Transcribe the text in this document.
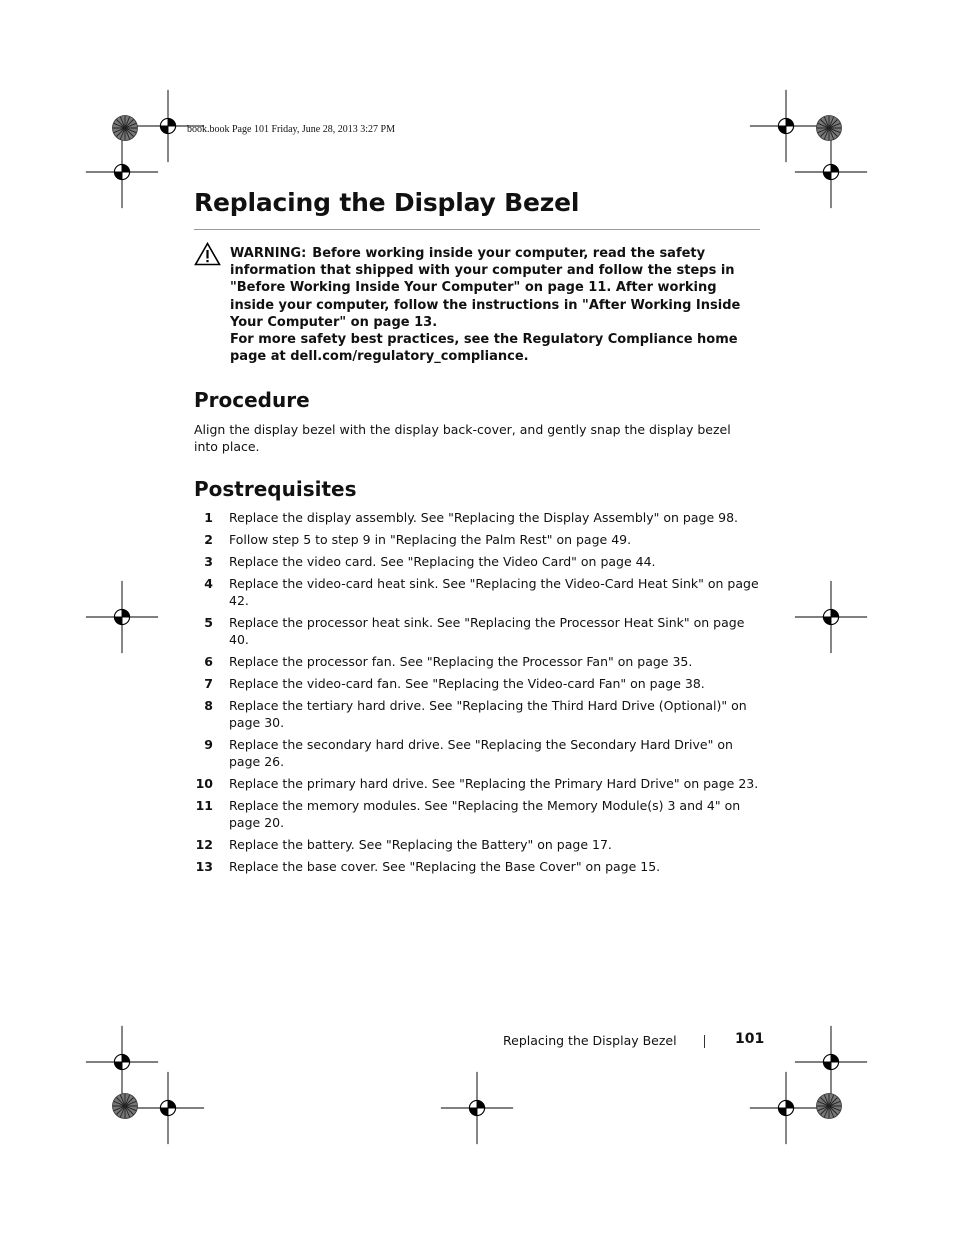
book.book Page 101 Friday, June 28, 2013 3:27 PM
Replacing the Display Bezel

WARNING: Before working inside your computer, read the safety information that shipped with your computer and follow the steps in "Before Working Inside Your Computer" on page 11. After working inside your computer, follow the instructions in "After Working Inside Your Computer" on page 13.

For more safety best practices, see the Regulatory Compliance home page at dell.com/regulatory_compliance.

Procedure
Align the display bezel with the display back-cover, and gently snap the display bezel into place.
Postrequisites
1 Replace the display assembly. See "Replacing the Display Assembly" on page 98.
2 Follow step 5 to step 9 in "Replacing the Palm Rest" on page 49.
3 Replace the video card. See "Replacing the Video Card" on page 44.
4 Replace the video-card heat sink. See "Replacing the Video-Card Heat Sink" on page 42.
5 Replace the processor heat sink. See "Replacing the Processor Heat Sink" on page 40.
6 Replace the processor fan. See "Replacing the Processor Fan" on page 35.
7 Replace the video-card fan. See "Replacing the Video-card Fan" on page 38.
8 Replace the tertiary hard drive. See "Replacing the Third Hard Drive (Optional)" on page 30.
9 Replace the secondary hard drive. See "Replacing the Secondary Hard Drive" on page 26.
10 Replace the primary hard drive. See "Replacing the Primary Hard Drive" on page 23.
11 Replace the memory modules. See "Replacing the Memory Module(s) 3 and 4" on page 20.
12 Replace the battery. See "Replacing the Battery" on page 17.
13 Replace the base cover. See "Replacing the Base Cover" on page 15.
Replacing the Display Bezel	101
